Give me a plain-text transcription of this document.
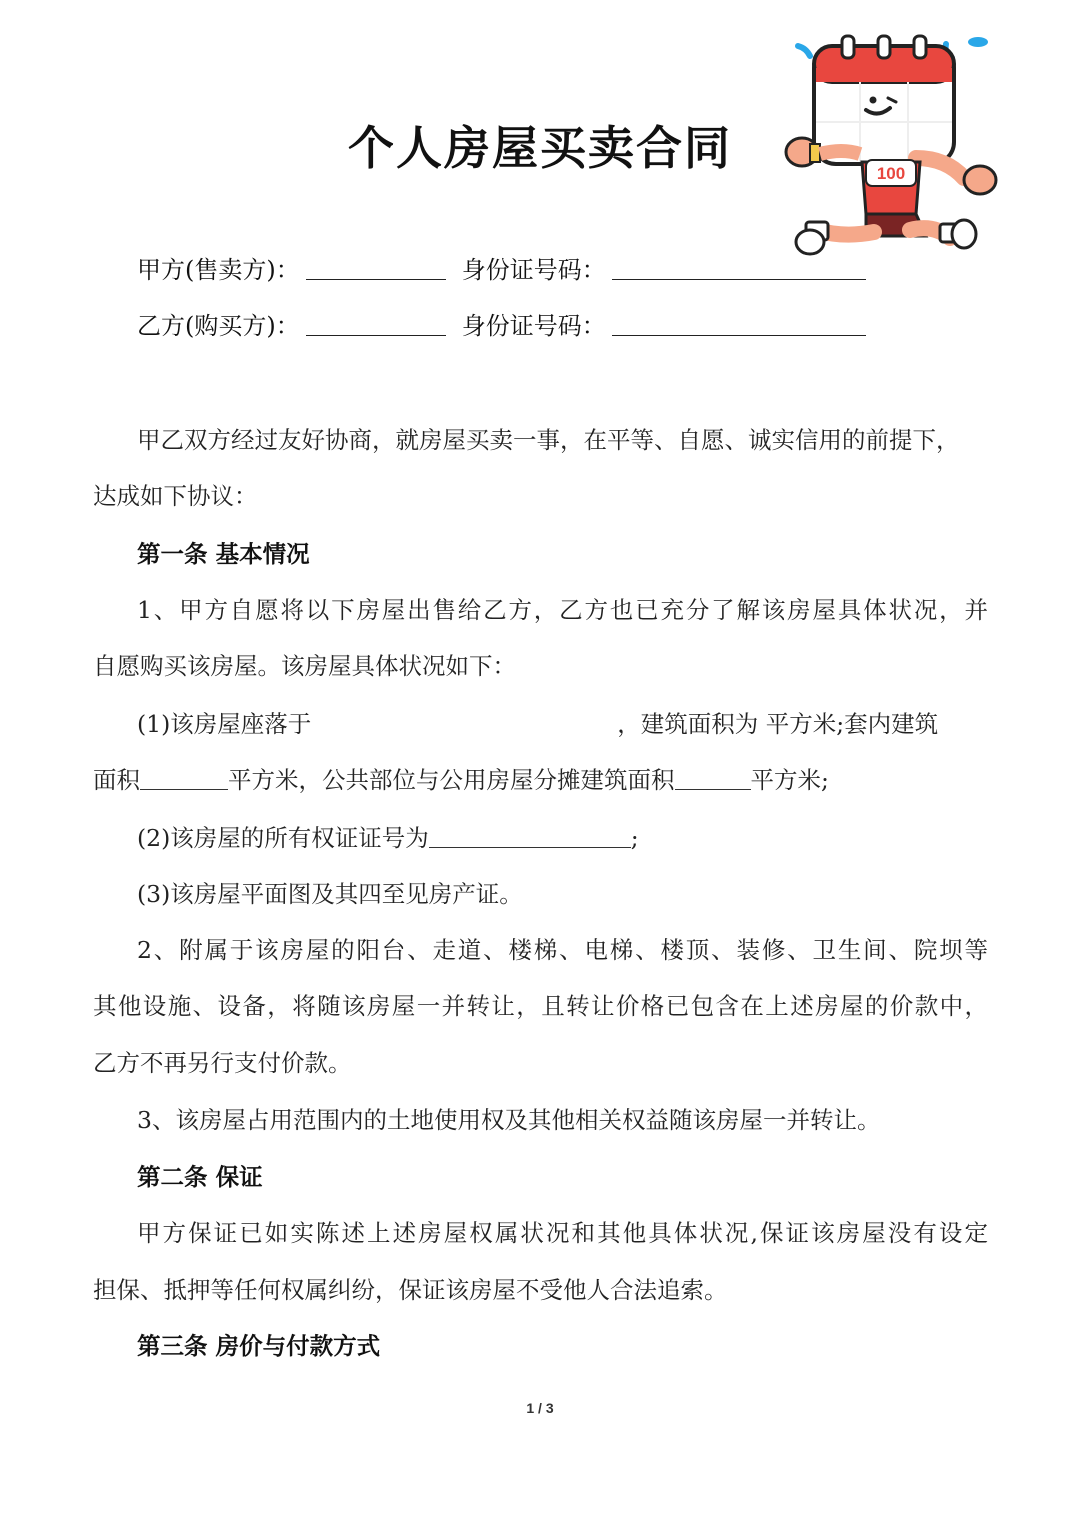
个人房屋买卖合同	100
甲方(售卖方)：	身份证号码：
乙方(购买方)：	身份证号码：
甲乙双方经过友好协商，就房屋买卖一事，在平等、自愿、诚实信用的前提下，
达成如下协议：
第一条 基本情况
1、甲方自愿将以下房屋出售给乙方，乙方也已充分了解该房屋具体状况，并
自愿购买该房屋。该房屋具体状况如下：
(1)该房屋座落于	，建筑面积为 平方米;套内建筑
面积	平方米，公共部位与公用房屋分摊建筑面积	平方米;
(2)该房屋的所有权证证号为	;
(3)该房屋平面图及其四至见房产证。
2、附属于该房屋的阳台、走道、楼梯、电梯、楼顶、装修、卫生间、院坝等
其他设施、设备，将随该房屋一并转让，且转让价格已包含在上述房屋的价款中，
乙方不再另行支付价款。
3、该房屋占用范围内的土地使用权及其他相关权益随该房屋一并转让。
第二条 保证
甲方保证已如实陈述上述房屋权属状况和其他具体状况,保证该房屋没有设定
担保、抵押等任何权属纠纷，保证该房屋不受他人合法追索。
第三条 房价与付款方式
1 / 3
